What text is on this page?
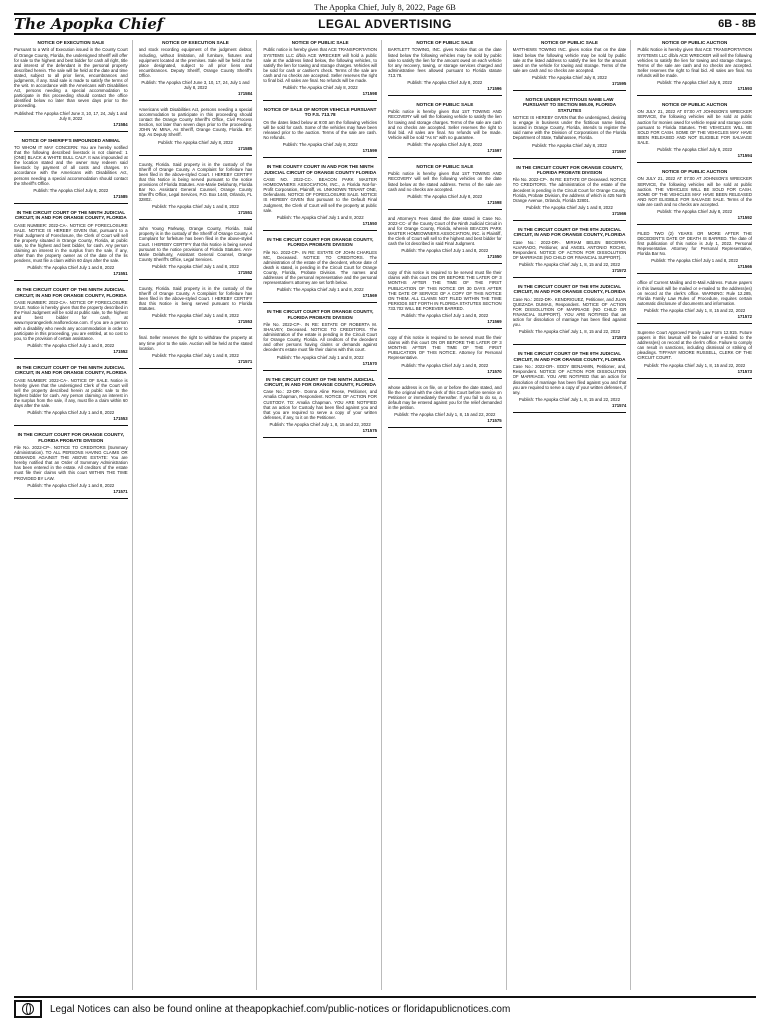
The Apopka Chief, July 8, 2022, Page 6B
The Apopka Chief	LEGAL ADVERTISING	6B - 8B
NOTICE OF EXECUTION SALE
Pursuant to a Writ of Execution issued in the County Court of Orange County, Florida, the undersigned Sheriff will offer for sale to the highest and best bidder for cash all right, title and interest of the defendant in the personal property described herein. The sale will be held at the date and time stated, subject to all prior liens, encumbrances and judgments, if any. Said sale is made to satisfy the terms of the writ. In accordance with the Americans with Disabilities Act, persons needing a special accommodation to participate in this proceeding should contact the office identified below no later than seven days prior to the proceeding.
Published: The Apopka Chief June 3, 10, 17, 24, July 1 and July 8, 2022
171584
NOTICE OF SHERIFF'S IMPOUNDED ANIMAL
TO WHOM IT MAY CONCERN: You are hereby notified that the following described livestock is not claimed: 1 (ONE) BLACK & WHITE BULL CALF. It was impounded at the location stated and the owner may redeem said livestock by payment of all costs and charges. In accordance with the Americans with Disabilities Act, persons needing a special accommodation should contact the Sheriff's Office.
Publish: The Apopka Chief July 8, 2022
171585
IN THE CIRCUIT COURT OF THE NINTH JUDICIAL CIRCUIT, IN AND FOR ORANGE COUNTY, FLORIDA
CASE NUMBER: 2022-CA-. NOTICE OF FORECLOSURE SALE. NOTICE IS HEREBY GIVEN that, pursuant to a Final Judgment of Foreclosure, the Clerk of Court will sell the property situated in Orange County, Florida, at public sale, to the highest and best bidder, for cash. Any person claiming an interest in the surplus from the sale, if any, other than the property owner as of the date of the lis pendens, must file a claim within 60 days after the sale.
Publish: The Apopka Chief July 1 and 8, 2022
171551
IN THE CIRCUIT COURT OF THE NINTH JUDICIAL CIRCUIT, IN AND FOR ORANGE COUNTY, FLORIDA
CASE NUMBER: 2022-CA-. NOTICE OF FORECLOSURE SALE. Notice is hereby given that the property described in the Final Judgment will be sold at public sale, to the highest and best bidder for cash, at www.myorangeclerk.realforeclose.com. If you are a person with a disability who needs any accommodation in order to participate in this proceeding, you are entitled, at no cost to you, to the provision of certain assistance.
Publish: The Apopka Chief July 1 and 8, 2022
171552
IN THE CIRCUIT COURT OF THE NINTH JUDICIAL CIRCUIT, IN AND FOR ORANGE COUNTY, FLORIDA
CASE NUMBER: 2022-CA-. NOTICE OF SALE. Notice is hereby given that the undersigned Clerk of the Court will sell the property described herein at public sale to the highest bidder for cash. Any person claiming an interest in the surplus from the sale, if any, must file a claim within 60 days after the sale.
Publish: The Apopka Chief July 1 and 8, 2022
171553
IN THE CIRCUIT COURT FOR ORANGE COUNTY, FLORIDA PROBATE DIVISION
File No. 2022-CP-. NOTICE TO CREDITORS (Summary Administration). TO ALL PERSONS HAVING CLAIMS OR DEMANDS AGAINST THE ABOVE ESTATE: You are hereby notified that an Order of Summary Administration has been entered in the estate. All creditors of the estate must file their claims with this court WITHIN THE TIME PROVIDED BY LAW.
Publish: The Apopka Chief July 1 and 8, 2022
171571
NOTICE OF EXECUTION SALE
and stock recording equipment of the judgment debtor, including, without limitation, all furniture, fixtures and equipment located at the premises. Sale will be held at the place designated, subject to all prior liens and encumbrances. Deputy Sheriff, Orange County Sheriff's Office.
Publish: The Apopka Chief June 3, 10, 17, 24, July 1 and July 8, 2022
171584
Americans with Disabilities Act, persons needing a special accommodation to participate in this proceeding should contact the Orange County Sheriff's Office, Civil Process Section, not later than seven days prior to the proceeding. JOHN W. MINA, As Sheriff, Orange County, Florida. BY: Sgt. As Deputy Sheriff.
Publish: The Apopka Chief July 8, 2022
171585
County, Florida. Said property is in the custody of the Sheriff of Orange County. A Complaint for forfeiture has been filed in the above-styled Court. I HEREBY CERTIFY that this Notice is being served pursuant to the notice provisions of Florida Statutes. Ann-Marie Delahunty, Florida Bar No. Assistant General Counsel, Orange County Sheriff's Office, Legal Services, P.O. Box 1440, Orlando, FL 32802.
Publish: The Apopka Chief July 1 and 8, 2022
171551
John Young Parkway, Orange County, Florida. Said property is in the custody of the Sheriff of Orange County. A Complaint for forfeiture has been filed in the above-styled Court. I HEREBY CERTIFY that this Notice is being served pursuant to the notice provisions of Florida Statutes. Ann-Marie Delahunty, Assistant General Counsel, Orange County Sheriff's Office, Legal Services.
Publish: The Apopka Chief July 1 and 8, 2022
171552
County, Florida. Said property is in the custody of the Sheriff of Orange County. A Complaint for forfeiture has been filed in the above-styled Court. I HEREBY CERTIFY that this Notice is being served pursuant to Florida Statutes.
Publish: The Apopka Chief July 1 and 8, 2022
171553
final. Seller reserves the right to withdraw the property at any time prior to the sale. Auction will be held at the stated location.
Publish: The Apopka Chief July 1 and 8, 2022
171571
NOTICE OF PUBLIC SALE
Public notice is hereby given that ACE TRANSPORTATION SYSTEMS LLC d/b/a ACE WRECKER will hold a public sale at the address listed below, the following vehicles, to satisfy the lien for towing and storage charges. Vehicles will be sold for cash or cashier's check. Terms of the sale are cash and no checks are accepted. Seller reserves the right to final bid. All sales are final. No refunds will be made.
Publish: The Apopka Chief July 8, 2022
171598
NOTICE OF SALE OF MOTOR VEHICLE PURSUANT TO F.S. 713.78
On the dates listed below at 9:00 am the following vehicles will be sold for cash. Some of the vehicles may have been released prior to the auction. Terms of the sale are cash. No refunds.
Publish: The Apopka Chief July 8, 2022
171599
IN THE COUNTY COURT IN AND FOR THE NINTH JUDICIAL CIRCUIT OF ORANGE COUNTY FLORIDA
CASE NO. 2022-CC-. BEACON PARK MASTER HOMEOWNERS ASSOCIATION, INC., a Florida Not-for-Profit Corporation, Plaintiff, vs. UNKNOWN TENANT ONE, Defendants. NOTICE OF FORECLOSURE SALE. NOTICE IS HEREBY GIVEN that pursuant to the Default Final Judgment, the Clerk of Court will sell the property at public sale.
Publish: The Apopka Chief July 1 and 8, 2022
171550
IN THE CIRCUIT COURT FOR ORANGE COUNTY, FLORIDA PROBATE DIVISION
File No. 2022-CP-. IN RE: ESTATE OF JOHN CHARLES MC, Deceased. NOTICE TO CREDITORS. The administration of the estate of the decedent, whose date of death is stated, is pending in the Circuit Court for Orange County, Florida, Probate Division. The names and addresses of the personal representative and the personal representative's attorney are set forth below.
Publish: The Apopka Chief July 1 and 8, 2022
171569
IN THE CIRCUIT COURT FOR ORANGE COUNTY, FLORIDA PROBATE DIVISION
File No. 2022-CP-. IN RE: ESTATE OF ROBERTA M. SHALVEY, Deceased. NOTICE TO CREDITORS. The administration of the estate is pending in the Circuit Court for Orange County, Florida. All creditors of the decedent and other persons having claims or demands against decedent's estate must file their claims with this court.
Publish: The Apopka Chief July 1 and 8, 2022
171570
IN THE CIRCUIT COURT OF THE NINTH JUDICIAL CIRCUIT, IN AND FOR ORANGE COUNTY, FLORIDA
Case No.: 22-DR-. Donna Aline Reese, Petitioner, and Amalia Chapman, Respondent. NOTICE OF ACTION FOR CUSTODY. TO: Amalia Chapman. YOU ARE NOTIFIED that an action for Custody has been filed against you and that you are required to serve a copy of your written defenses, if any, to it on the Petitioner.
Publish: The Apopka Chief July 1, 8, 15 and 22, 2022
171575
NOTICE OF PUBLIC SALE
BARTLETT TOWING, INC. gives Notice that on the date listed below the following vehicles may be sold by public sale to satisfy the lien for the amount owed on each vehicle for any recovery, towing, or storage services charged and administrative fees allowed pursuant to Florida statute 713.78.
Publish: The Apopka Chief July 8, 2022
171596
NOTICE OF PUBLIC SALE
Public notice is hereby given that 1ST TOWING AND RECOVERY will sell the following vehicle to satisfy the lien for towing and storage charges. Terms of the sale are cash and no checks are accepted. Seller reserves the right to final bid. All sales are final. No refunds will be made. Vehicle will be sold "As Is" with no guarantee.
Publish: The Apopka Chief July 8, 2022
171597
NOTICE OF PUBLIC SALE
Public notice is hereby given that 1ST TOWING AND RECOVERY will sell the following vehicles on the date listed below at the stated address. Terms of the sale are cash and no checks are accepted.
Publish: The Apopka Chief July 8, 2022
171598
and Attorney's Fees dated the date stated in Case No. 2022-CC- of the County Court of the Ninth Judicial Circuit in and for Orange County, Florida, wherein BEACON PARK MASTER HOMEOWNERS ASSOCIATION, INC. is Plaintiff, the Clerk of Court will sell to the highest and best bidder for cash the lot described in said Final Judgment.
Publish: The Apopka Chief July 1 and 8, 2022
171550
copy of this notice is required to be served must file their claims with this court ON OR BEFORE THE LATER OF 3 MONTHS AFTER THE TIME OF THE FIRST PUBLICATION OF THIS NOTICE OR 30 DAYS AFTER THE DATE OF SERVICE OF A COPY OF THIS NOTICE ON THEM. ALL CLAIMS NOT FILED WITHIN THE TIME PERIODS SET FORTH IN FLORIDA STATUTES SECTION 733.702 WILL BE FOREVER BARRED.
Publish: The Apopka Chief July 1 and 8, 2022
171569
copy of this notice is required to be served must file their claims with this court ON OR BEFORE THE LATER OF 3 MONTHS AFTER THE TIME OF THE FIRST PUBLICATION OF THIS NOTICE. Attorney for Personal Representative.
Publish: The Apopka Chief July 1 and 8, 2022
171570
whose address is on file, on or before the date stated, and file the original with the clerk of this Court before service on Petitioner or immediately thereafter. If you fail to do so, a default may be entered against you for the relief demanded in the petition.
Publish: The Apopka Chief July 1, 8, 15 and 22, 2022
171575
NOTICE OF PUBLIC SALE
MATTHEWS TOWING INC. gives notice that on the date listed below the following vehicle may be sold by public sale at the listed address to satisfy the lien for the amount owed on the vehicle for towing and storage. Terms of the sale are cash and no checks are accepted.
Publish: The Apopka Chief July 8, 2022
171595
NOTICE UNDER FICTITIOUS NAME LAW PURSUANT TO SECTION 865.09, FLORIDA STATUTES
NOTICE IS HEREBY GIVEN that the undersigned, desiring to engage in business under the fictitious name listed, located in Orange County, Florida, intends to register the said name with the Division of Corporations of the Florida Department of State, Tallahassee, Florida.
Publish: The Apopka Chief July 8, 2022
171597
IN THE CIRCUIT COURT FOR ORANGE COUNTY, FLORIDA PROBATE DIVISION
File No. 2022-CP-. IN RE: ESTATE OF Deceased. NOTICE TO CREDITORS. The administration of the estate of the decedent is pending in the Circuit Court for Orange County, Florida, Probate Division, the address of which is 425 North Orange Avenue, Orlando, Florida 32801.
Publish: The Apopka Chief July 1 and 8, 2022
171566
IN THE CIRCUIT COURT OF THE 9TH JUDICIAL CIRCUIT, IN AND FOR ORANGE COUNTY, FLORIDA
Case No.: 2022-DR-. MIRIAM BELEN BECERRA ALVARADO, Petitioner, and ANGEL ANTONIO ROCHE, Respondent. NOTICE OF ACTION FOR DISSOLUTION OF MARRIAGE (NO CHILD OR FINANCIAL SUPPORT).
Publish: The Apopka Chief July 1, 8, 15 and 22, 2022
171572
IN THE CIRCUIT COURT OF THE 9TH JUDICIAL CIRCUIT, IN AND FOR ORANGE COUNTY, FLORIDA
Case No.: 2022-DR-. KENDRIGUEZ, Petitioner, and JUAN QUEZADA DUMAS, Respondent. NOTICE OF ACTION FOR DISSOLUTION OF MARRIAGE (NO CHILD OR FINANCIAL SUPPORT). YOU ARE NOTIFIED that an action for dissolution of marriage has been filed against you.
Publish: The Apopka Chief July 1, 8, 15 and 22, 2022
171573
IN THE CIRCUIT COURT OF THE 9TH JUDICIAL CIRCUIT, IN AND FOR ORANGE COUNTY, FLORIDA
Case No.: 2022-DR-. EDDY BENJAMIN, Petitioner, and, Respondent. NOTICE OF ACTION FOR DISSOLUTION OF MARRIAGE. YOU ARE NOTIFIED that an action for dissolution of marriage has been filed against you and that you are required to serve a copy of your written defenses, if any.
Publish: The Apopka Chief July 1, 8, 15 and 22, 2022
171574
NOTICE OF PUBLIC AUCTION
Public Notice is hereby given that ACE TRANSPORTATION SYSTEMS LLC d/b/a ACE WRECKER will sell the following vehicles to satisfy the lien for towing and storage charges. Terms of the sale are cash and no checks are accepted. Seller reserves the right to final bid. All sales are final. No refunds will be made.
Publish: The Apopka Chief July 8, 2022
171593
NOTICE OF PUBLIC AUCTION
ON JULY 21, 2022 AT 07:00 AT JOHNSON'S WRECKER SERVICE, the following vehicles will be sold at public auction for monies owed for vehicle repair and storage costs pursuant to Florida Statutes. THE VEHICLES WILL BE SOLD FOR CASH. SOME OF THE VEHICLES MAY HAVE BEEN RELEASED AND NOT ELIGIBLE FOR SALVAGE SALE.
Publish: The Apopka Chief July 8, 2022
171594
NOTICE OF PUBLIC AUCTION
ON JULY 21, 2022 AT 07:00 AT JOHNSON'S WRECKER SERVICE, the following vehicles will be sold at public auction. THE VEHICLES WILL BE SOLD FOR CASH. SOME OF THE VEHICLES MAY HAVE BEEN RELEASED AND NOT ELIGIBLE FOR SALVAGE SALE. Terms of the sale are cash and no checks are accepted.
Publish: The Apopka Chief July 8, 2022
171592
FILED TWO (2) YEARS OR MORE AFTER THE DECEDENT'S DATE OF DEATH IS BARRED. The date of first publication of this notice is July 1, 2022. Personal Representative. Attorney for Personal Representative, Florida Bar No.
Publish: The Apopka Chief July 1 and 8, 2022
171566
office of Current Mailing and E-Mail Address. Future papers in this lawsuit will be mailed or e-mailed to the address(es) on record at the clerk's office. WARNING: Rule 12.285, Florida Family Law Rules of Procedure, requires certain automatic disclosure of documents and information.
Publish: The Apopka Chief July 1, 8, 15 and 22, 2022
171572
Supreme Court Approved Family Law Form 12.915. Future papers in this lawsuit will be mailed or e-mailed to the address(es) on record at the clerk's office. Failure to comply can result in sanctions, including dismissal or striking of pleadings. TIFFANY MOORE RUSSELL, CLERK OF THE CIRCUIT COURT.
Publish: The Apopka Chief July 1, 8, 15 and 22, 2022
171573
Legal Notices can also be found online at theapopkachief.com/public-notices or floridapublicnotices.com
